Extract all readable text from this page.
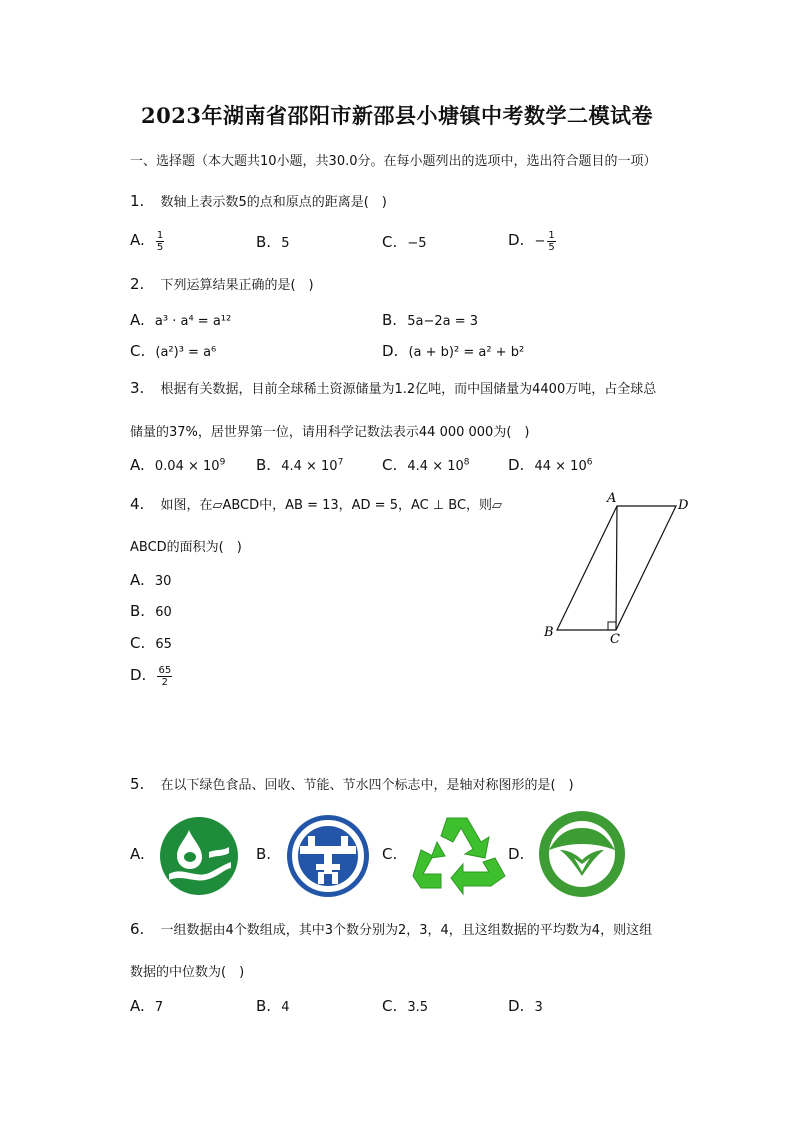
2023年湖南省邵阳市新邵县小塘镇中考数学二模试卷
一、选择题（本大题共10小题，共30.0分。在每小题列出的选项中，选出符合题目的一项）
1. 数轴上表示数5的点和原点的距离是(　)
A. $\frac{1}{5}$	B. 5	C. −5	D. − $\frac{1}{5}$
2. 下列运算结果正确的是(　)
A. a³ · a⁴ = a¹²	B. 5a−2a = 3
C. (a²)³ = a⁶	D. (a + b)² = a² + b²
3. 根据有关数据，目前全球稀土资源储量为1.2亿吨，而中国储量为4400万吨，占全球总
储量的37%，居世界第一位，请用科学记数法表示44 000 000为(　)
A. $0.04 \times 10^9$ B. $4.4 \times 10^7$	C. $4.4 \times 10^8$	D. $44 \times 10^6$
4. 如图，在▱ABCD中，AB = 13，AD = 5，AC ⊥ BC，则▱
ABCD的面积为(　)
A. 30
B. 60
C. 65
D. $\frac{65}{2}$
A	D
B	C
5. 在以下绿色食品、回收、节能、节水四个标志中，是轴对称图形的是(　)
A.	B.	C.	D.
6. 一组数据由4个数组成，其中3个数分别为2，3，4，且这组数据的平均数为4，则这组
数据的中位数为(　)
A. 7	B. 4	C. 3.5	D. 3
